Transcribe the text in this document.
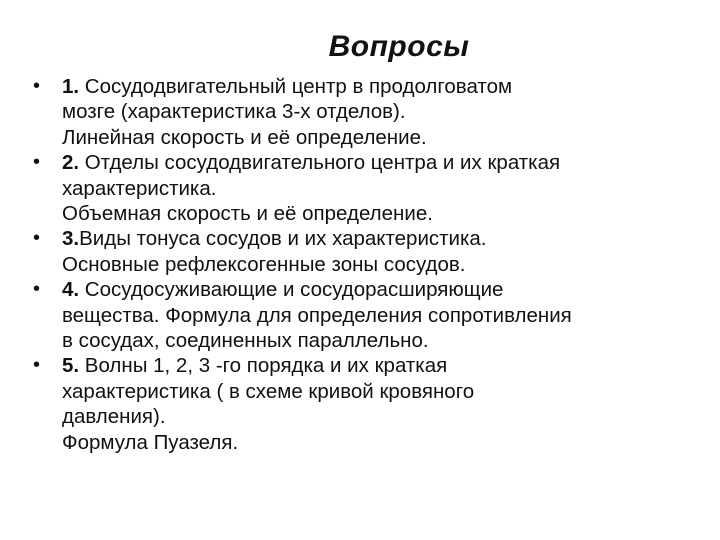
Вопросы
• 1. Сосудодвигательный центр в продолговатом
мозге (характеристика 3-х отделов).
Линейная скорость и её определение.
• 2. Отделы сосудодвигательного центра и их краткая
характеристика.
Объемная скорость и её определение.
• 3.Виды тонуса сосудов и их характеристика.
Основные рефлексогенные зоны сосудов.
• 4. Сосудосуживающие и сосудорасширяющие
вещества. Формула для определения сопротивления
в сосудах, соединенных параллельно.
• 5. Волны 1, 2, 3 -го порядка и их краткая
характеристика ( в схеме кривой кровяного
давления).
Формула Пуазеля.
